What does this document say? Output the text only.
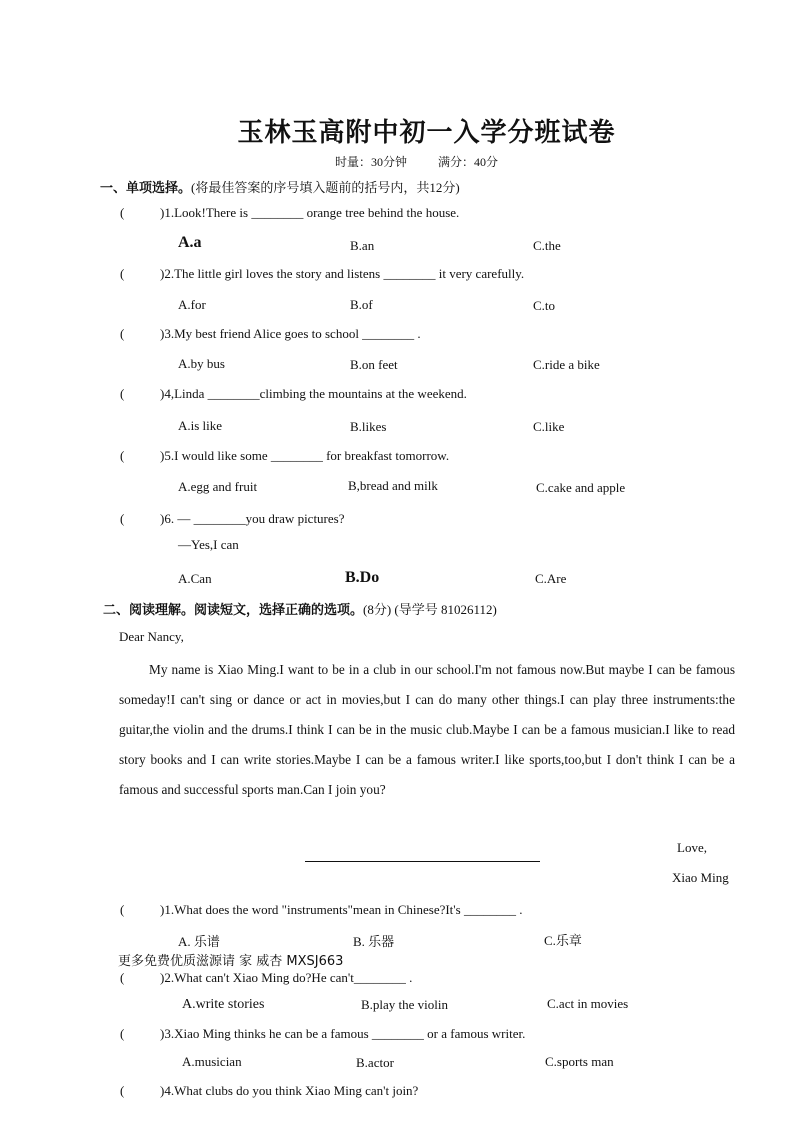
玉林玉高附中初一入学分班试卷
时量：30分钟	满分：40分
一、单项选择。(将最佳答案的序号填入题前的括号内，共12分)
(	)1.Look!There is ________ orange tree behind the house.
A.a	B.an	C.the
(	)2.The little girl loves the story and listens ________ it very carefully.
A.for	B.of	C.to
(	)3.My best friend Alice goes to school ________ .
A.by bus	B.on feet	C.ride a bike
(	)4,Linda ________climbing the mountains at the weekend.
A.is like	B.likes	C.like
(	)5.I would like some ________ for breakfast tomorrow.
A.egg and fruit	B,bread and milk	C.cake and apple
(	)6. — ________you draw pictures?
—Yes,I can
A.Can	B.Do	C.Are
二、阅读理解。阅读短文，选择正确的选项。(8分) (导学号 81026112)
Dear Nancy,
My name is Xiao Ming.I want to be in a club in our school.I'm not famous now.But maybe I can be famous someday!I can't sing or dance or act in movies,but I can do many other things.I can play three instruments:the guitar,the violin and the drums.I think I can be in the music club.Maybe I can be a famous musician.I like to read story books and I can write stories.Maybe I can be a famous writer.I like sports,too,but I don't think I can be a famous and successful sports man.Can I join you?
Love,
Xiao Ming
(	)1.What does the word "instruments"mean in Chinese?It's ________ .
A. 乐谱	B. 乐器	C.乐章
更多免费优质滋源请 家 威杏 MXSJ663
(	)2.What can't Xiao Ming do?He can't________ .
A.write stories	B.play the violin	C.act in movies
(	)3.Xiao Ming thinks he can be a famous ________ or a famous writer.
A.musician	B.actor	C.sports man
(	)4.What clubs do you think Xiao Ming can't join?
